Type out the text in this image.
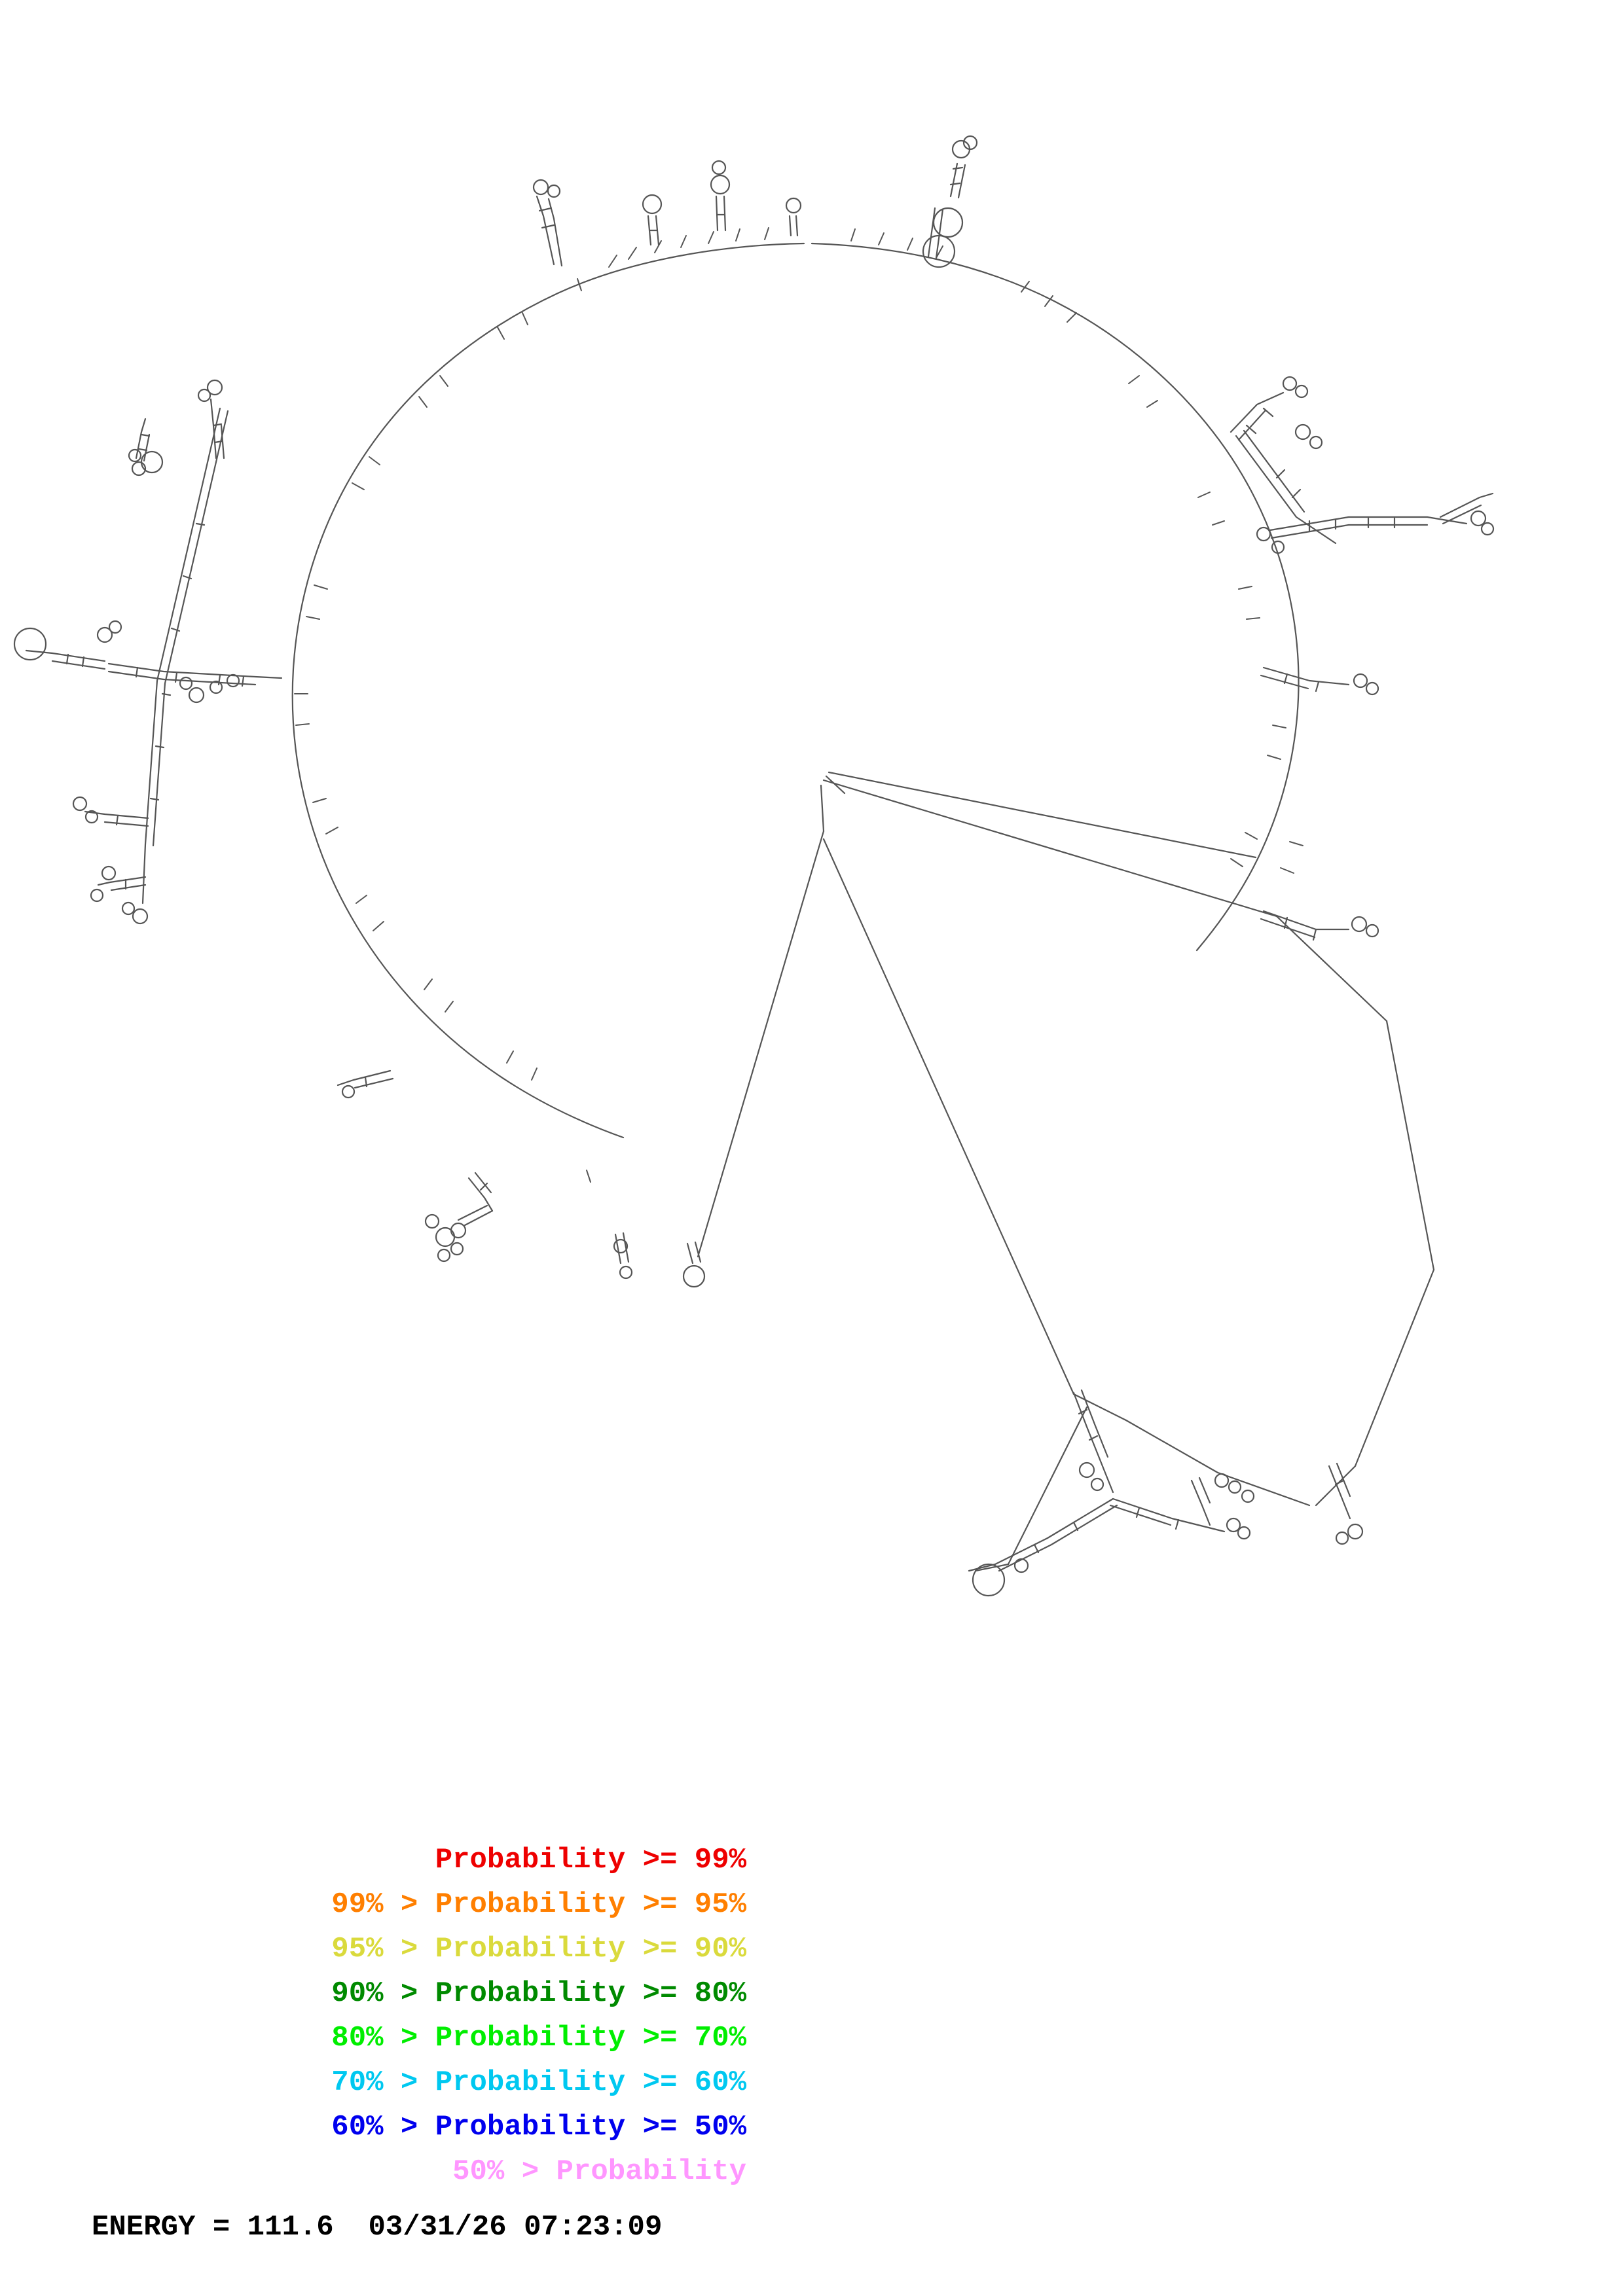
Probability >= 99%

99% > Probability >= 95%

95% > Probability >= 90%

90% > Probability >= 80%

80% > Probability >= 70%

70% > Probability >= 60%

60% > Probability >= 50%

50% > Probability

ENERGY = 111.6  03/31/26 07:23:09
